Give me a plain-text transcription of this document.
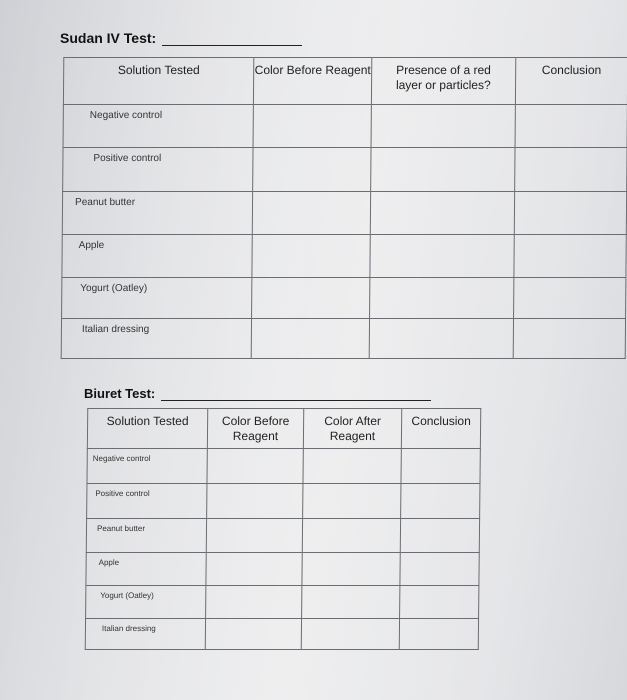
Sudan IV Test:
Solution Tested	Color Before Reagent	Presence of a red layer or particles?	Conclusion

Negative control			

Positive control			

Peanut butter			

Apple			

Yogurt (Oatley)			

Italian dressing			

Biuret Test:
Solution Tested	Color Before Reagent	Color After Reagent	Conclusion

Negative control			

Positive control			

Peanut butter			

Apple			

Yogurt (Oatley)			

Italian dressing			
